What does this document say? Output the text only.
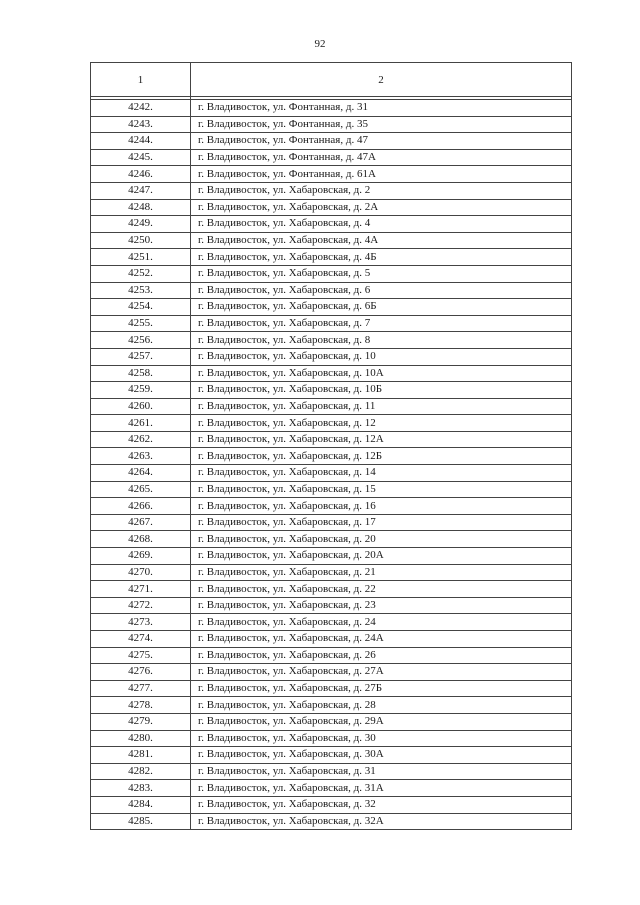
92
1	2

4242.	г. Владивосток, ул. Фонтанная, д. 31
4243.	г. Владивосток, ул. Фонтанная, д. 35
4244.	г. Владивосток, ул. Фонтанная, д. 47
4245.	г. Владивосток, ул. Фонтанная, д. 47А
4246.	г. Владивосток, ул. Фонтанная, д. 61А
4247.	г. Владивосток, ул. Хабаровская, д. 2
4248.	г. Владивосток, ул. Хабаровская, д. 2А
4249.	г. Владивосток, ул. Хабаровская, д. 4
4250.	г. Владивосток, ул. Хабаровская, д. 4А
4251.	г. Владивосток, ул. Хабаровская, д. 4Б
4252.	г. Владивосток, ул. Хабаровская, д. 5
4253.	г. Владивосток, ул. Хабаровская, д. 6
4254.	г. Владивосток, ул. Хабаровская, д. 6Б
4255.	г. Владивосток, ул. Хабаровская, д. 7
4256.	г. Владивосток, ул. Хабаровская, д. 8
4257.	г. Владивосток, ул. Хабаровская, д. 10
4258.	г. Владивосток, ул. Хабаровская, д. 10А
4259.	г. Владивосток, ул. Хабаровская, д. 10Б
4260.	г. Владивосток, ул. Хабаровская, д. 11
4261.	г. Владивосток, ул. Хабаровская, д. 12
4262.	г. Владивосток, ул. Хабаровская, д. 12А
4263.	г. Владивосток, ул. Хабаровская, д. 12Б
4264.	г. Владивосток, ул. Хабаровская, д. 14
4265.	г. Владивосток, ул. Хабаровская, д. 15
4266.	г. Владивосток, ул. Хабаровская, д. 16
4267.	г. Владивосток, ул. Хабаровская, д. 17
4268.	г. Владивосток, ул. Хабаровская, д. 20
4269.	г. Владивосток, ул. Хабаровская, д. 20А
4270.	г. Владивосток, ул. Хабаровская, д. 21
4271.	г. Владивосток, ул. Хабаровская, д. 22
4272.	г. Владивосток, ул. Хабаровская, д. 23
4273.	г. Владивосток, ул. Хабаровская, д. 24
4274.	г. Владивосток, ул. Хабаровская, д. 24А
4275.	г. Владивосток, ул. Хабаровская, д. 26
4276.	г. Владивосток, ул. Хабаровская, д. 27А
4277.	г. Владивосток, ул. Хабаровская, д. 27Б
4278.	г. Владивосток, ул. Хабаровская, д. 28
4279.	г. Владивосток, ул. Хабаровская, д. 29А
4280.	г. Владивосток, ул. Хабаровская, д. 30
4281.	г. Владивосток, ул. Хабаровская, д. 30А
4282.	г. Владивосток, ул. Хабаровская, д. 31
4283.	г. Владивосток, ул. Хабаровская, д. 31А
4284.	г. Владивосток, ул. Хабаровская, д. 32
4285.	г. Владивосток, ул. Хабаровская, д. 32А
